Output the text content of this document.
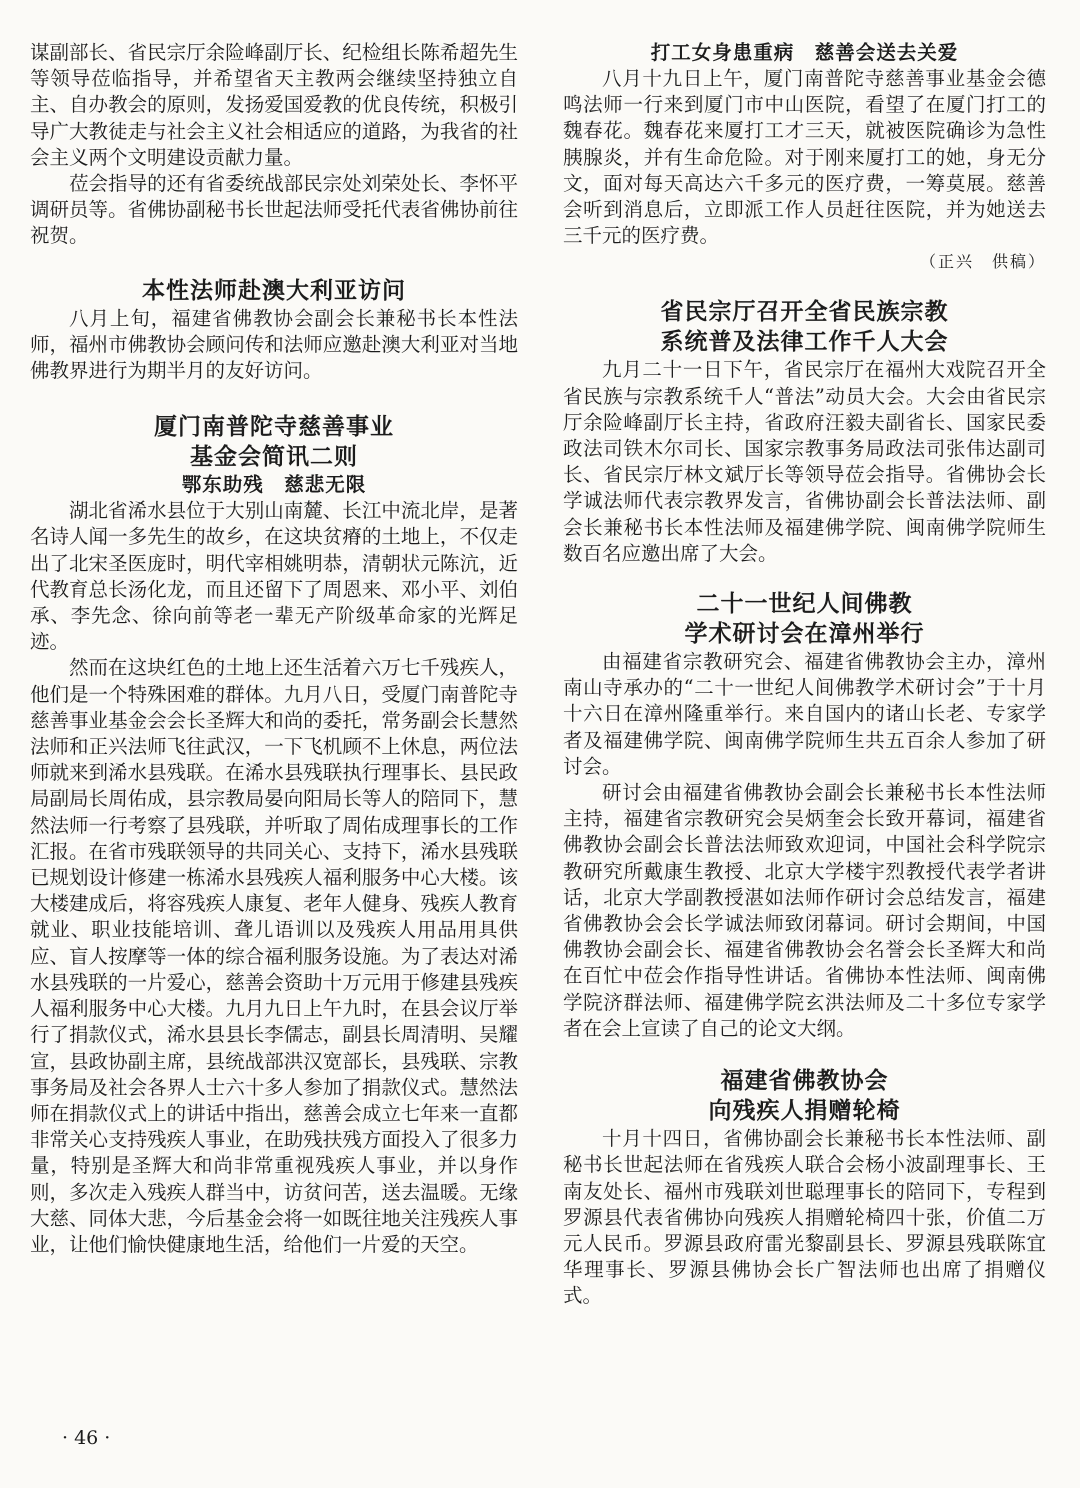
谋副部长、省民宗厅余险峰副厅长、纪检组长陈希超先生等领导莅临指导，并希望省天主教两会继续坚持独立自主、自办教会的原则，发扬爱国爱教的优良传统，积极引导广大教徒走与社会主义社会相适应的道路，为我省的社会主义两个文明建设贡献力量。

莅会指导的还有省委统战部民宗处刘荣处长、李怀平调研员等。省佛协副秘书长世起法师受托代表省佛协前往祝贺。

本性法师赴澳大利亚访问

八月上旬，福建省佛教协会副会长兼秘书长本性法师，福州市佛教协会顾问传和法师应邀赴澳大利亚对当地佛教界进行为期半月的友好访问。

厦门南普陀寺慈善事业
基金会简讯二则
鄂东助残　慈悲无限

湖北省浠水县位于大别山南麓、长江中流北岸，是著名诗人闻一多先生的故乡，在这块贫瘠的土地上，不仅走出了北宋圣医庞时，明代宰相姚明恭，清朝状元陈沆，近代教育总长汤化龙，而且还留下了周恩来、邓小平、刘伯承、李先念、徐向前等老一辈无产阶级革命家的光辉足迹。

然而在这块红色的土地上还生活着六万七千残疾人，他们是一个特殊困难的群体。九月八日，受厦门南普陀寺慈善事业基金会会长圣辉大和尚的委托，常务副会长慧然法师和正兴法师飞往武汉，一下飞机顾不上休息，两位法师就来到浠水县残联。在浠水县残联执行理事长、县民政局副局长周佑成，县宗教局晏向阳局长等人的陪同下，慧然法师一行考察了县残联，并听取了周佑成理事长的工作汇报。在省市残联领导的共同关心、支持下，浠水县残联已规划设计修建一栋浠水县残疾人福利服务中心大楼。该大楼建成后，将容残疾人康复、老年人健身、残疾人教育就业、职业技能培训、聋儿语训以及残疾人用品用具供应、盲人按摩等一体的综合福利服务设施。为了表达对浠水县残联的一片爱心，慈善会资助十万元用于修建县残疾人福利服务中心大楼。九月九日上午九时，在县会议厅举行了捐款仪式，浠水县县长李儒志，副县长周清明、吴耀宣，县政协副主席，县统战部洪汉宽部长，县残联、宗教事务局及社会各界人士六十多人参加了捐款仪式。慧然法师在捐款仪式上的讲话中指出，慈善会成立七年来一直都非常关心支持残疾人事业，在助残扶残方面投入了很多力量，特别是圣辉大和尚非常重视残疾人事业，并以身作则，多次走入残疾人群当中，访贫问苦，送去温暖。无缘大慈、同体大悲，今后基金会将一如既往地关注残疾人事业，让他们愉快健康地生活，给他们一片爱的天空。

打工女身患重病　慈善会送去关爱

八月十九日上午，厦门南普陀寺慈善事业基金会德鸣法师一行来到厦门市中山医院，看望了在厦门打工的魏春花。魏春花来厦打工才三天，就被医院确诊为急性胰腺炎，并有生命危险。对于刚来厦打工的她，身无分文，面对每天高达六千多元的医疗费，一筹莫展。慈善会听到消息后，立即派工作人员赶往医院，并为她送去三千元的医疗费。

（正兴　供稿）
省民宗厅召开全省民族宗教
系统普及法律工作千人大会

九月二十一日下午，省民宗厅在福州大戏院召开全省民族与宗教系统千人“普法”动员大会。大会由省民宗厅余险峰副厅长主持，省政府汪毅夫副省长、国家民委政法司铁木尔司长、国家宗教事务局政法司张伟达副司长、省民宗厅林文斌厅长等领导莅会指导。省佛协会长学诚法师代表宗教界发言，省佛协副会长普法法师、副会长兼秘书长本性法师及福建佛学院、闽南佛学院师生数百名应邀出席了大会。

二十一世纪人间佛教
学术研讨会在漳州举行

由福建省宗教研究会、福建省佛教协会主办，漳州南山寺承办的“二十一世纪人间佛教学术研讨会”于十月十六日在漳州隆重举行。来自国内的诸山长老、专家学者及福建佛学院、闽南佛学院师生共五百余人参加了研讨会。

研讨会由福建省佛教协会副会长兼秘书长本性法师主持，福建省宗教研究会吴炳奎会长致开幕词，福建省佛教协会副会长普法法师致欢迎词，中国社会科学院宗教研究所戴康生教授、北京大学楼宇烈教授代表学者讲话，北京大学副教授湛如法师作研讨会总结发言，福建省佛教协会会长学诚法师致闭幕词。研讨会期间，中国佛教协会副会长、福建省佛教协会名誉会长圣辉大和尚在百忙中莅会作指导性讲话。省佛协本性法师、闽南佛学院济群法师、福建佛学院玄洪法师及二十多位专家学者在会上宣读了自己的论文大纲。

福建省佛教协会
向残疾人捐赠轮椅

十月十四日，省佛协副会长兼秘书长本性法师、副秘书长世起法师在省残疾人联合会杨小波副理事长、王南友处长、福州市残联刘世聪理事长的陪同下，专程到罗源县代表省佛协向残疾人捐赠轮椅四十张，价值二万元人民币。罗源县政府雷光黎副县长、罗源县残联陈宜华理事长、罗源县佛协会长广智法师也出席了捐赠仪式。

· 46 ·
